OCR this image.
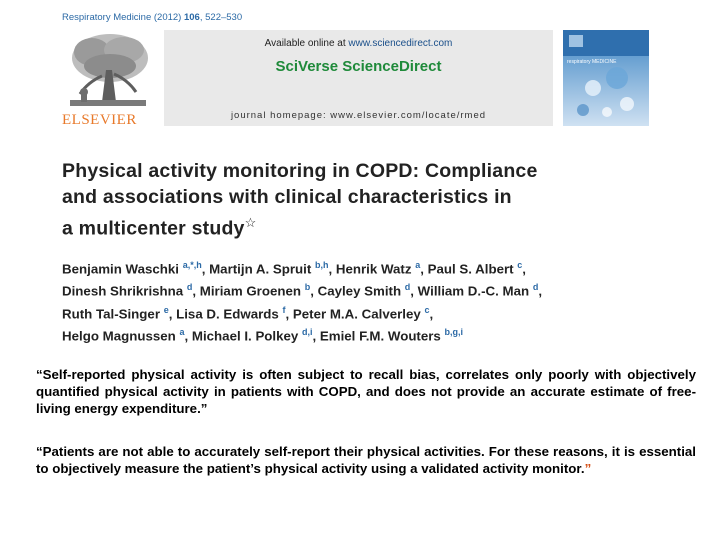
Respiratory Medicine (2012) 106, 522–530
ELSEVIER
Available online at www.sciencedirect.com
SciVerse ScienceDirect
journal homepage: www.elsevier.com/locate/rmed
respiratory MEDICINE
Physical activity monitoring in COPD: Compliance
and associations with clinical characteristics in
a multicenter study☆
Benjamin Waschki $^{a,*,h}$, Martijn A. Spruit $^{b,h}$, Henrik Watz $^a$, Paul S. Albert $^c$,
Dinesh Shrikrishna $^d$, Miriam Groenen $^b$, Cayley Smith $^d$, William D.-C. Man $^d$,
Ruth Tal-Singer $^e$, Lisa D. Edwards $^f$, Peter M.A. Calverley $^c$,
Helgo Magnussen $^a$, Michael I. Polkey $^{d,i}$, Emiel F.M. Wouters $^{b,g,i}$
“Self-reported physical activity is often subject to recall bias, correlates only poorly with objectively quantified physical activity in patients with COPD, and does not provide an accurate estimate of free-living energy expenditure.”
“Patients are not able to accurately self-report their physical activities. For these reasons, it is essential to objectively measure the patient’s physical activity using a validated activity monitor.”
